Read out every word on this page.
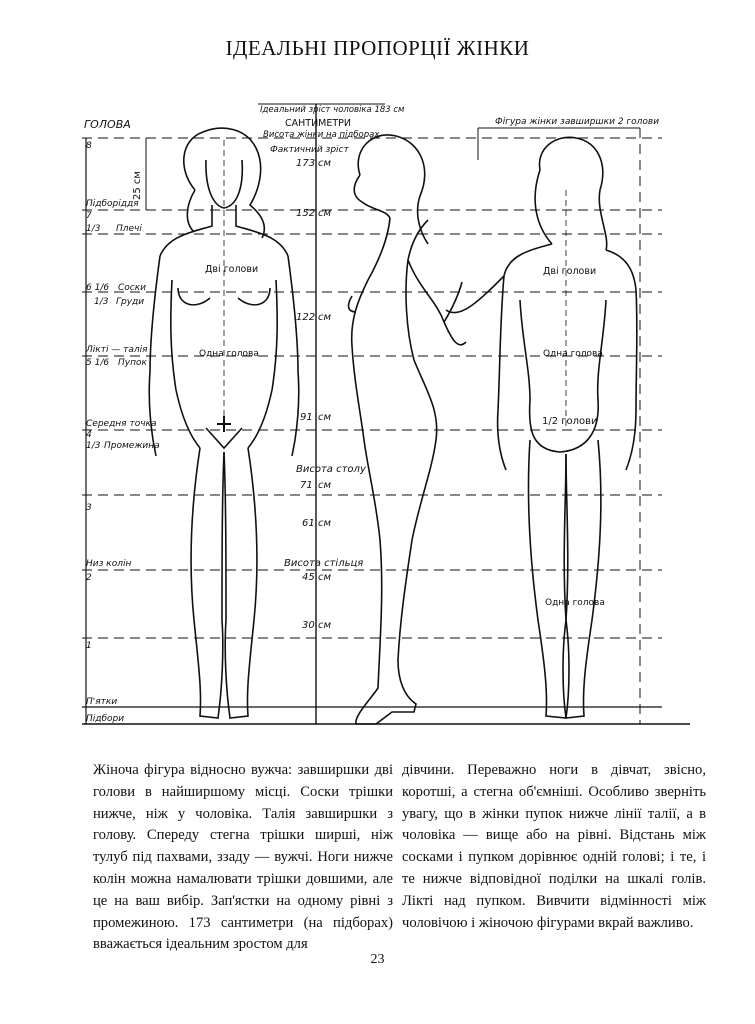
ІДЕАЛЬНІ ПРОПОРЦІЇ ЖІНКИ
ГОЛОВА
Ідеальний зріст чоловіка 183 см
САНТИМЕТРИ
Висота жінки на підборах
Фактичний зріст
Фігура жінки завширшки 2 голови
25 см
8
Підборіддя
7
1/3 Плечі
6 1/6 Соски
1/3 Груди
Лікті — талія
5 1/6 Пупок
Середня точка
4
1/3 Промежина
3
Низ колін
2
1
П'ятки
Підбори
173 см
152 см
122 см
91 см
Висота столу
71 см
61 см
Висота стільця
45 см
30 см
Дві голови
Одна голова
Дві голови
Одна голова
1/2 голови
Одна голова
Жіноча фігура відносно вужча: завширшки дві голови в найширшому місці. Соски трішки нижче, ніж у чоловіка. Талія завширшки з голову. Спереду стегна трішки ширші, ніж тулуб під пахвами, ззаду — вужчі. Ноги нижче колін можна намалювати трішки довшими, але це на ваш вибір. Зап'ястки на одному рівні з промежиною. 173 сантиметри (на підборах) вважається ідеальним зростом для
дівчини. Переважно ноги в дівчат, звісно, коротші, а стегна об'ємніші. Особливо зверніть увагу, що в жінки пупок нижче лінії талії, а в чоловіка — вище або на рівні. Відстань між сосками і пупком дорівнює одній голові; і те, і те нижче відповідної поділки на шкалі голів. Лікті над пупком. Вивчити відмінності між чоловічою і жіночою фігурами вкрай важливо.
23
